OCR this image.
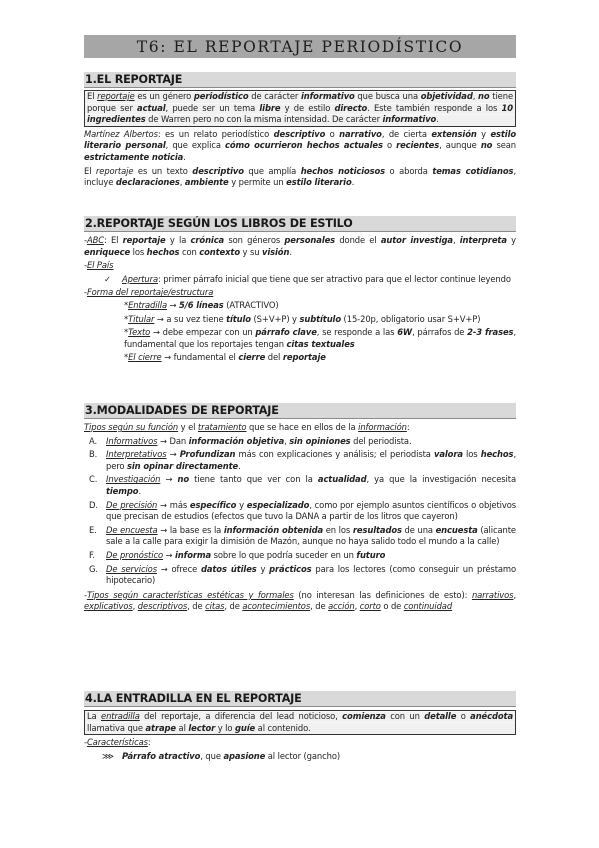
T6: EL REPORTAJE PERIODÍSTICO
1.EL REPORTAJE
El reportaje es un género periodístico de carácter informativo que busca una objetividad, no tiene porque ser actual, puede ser un tema libre y de estilo directo. Este también responde a los 10 ingredientes de Warren pero no con la misma intensidad. De carácter informativo.
Martínez Albertos: es un relato periodístico descriptivo o narrativo, de cierta extensión y estilo literario personal, que explica cómo ocurrieron hechos actuales o recientes, aunque no sean estrictamente noticia.
El reportaje es un texto descriptivo que amplía hechos noticiosos o aborda temas cotidianos, incluye declaraciones, ambiente y permite un estilo literario.
2.REPORTAJE SEGÚN LOS LIBROS DE ESTILO
-ABC: El reportaje y la crónica son géneros personales donde el autor investiga, interpreta y enriquece los hechos con contexto y su visión.
-El País
✓ Apertura: primer párrafo inicial que tiene que ser atractivo para que el lector continue leyendo
-Forma del reportaje/estructura
*Entradilla → 5/6 líneas (ATRACTIVO)
*Titular → a su vez tiene título (S+V+P) y subtítulo (15-20p, obligatorio usar S+V+P)
*Texto → debe empezar con un párrafo clave, se responde a las 6W, párrafos de 2-3 frases, fundamental que los reportajes tengan citas textuales
*El cierre → fundamental el cierre del reportaje
3.MODALIDADES DE REPORTAJE
Tipos según su función y el tratamiento que se hace en ellos de la información:
A. Informativos → Dan información objetiva, sin opiniones del periodista.
B. Interpretativos → Profundizan más con explicaciones y análisis; el periodista valora los hechos, pero sin opinar directamente.
C. Investigación → no tiene tanto que ver con la actualidad, ya que la investigación necesita tiempo.
D. De precisión → más específico y especializado, como por ejemplo asuntos científicos o objetivos que precisan de estudios (efectos que tuvo la DANA a partir de los litros que cayeron)
E. De encuesta → la base es la información obtenida en los resultados de una encuesta (alicante sale a la calle para exigir la dimisión de Mazón, aunque no haya salido todo el mundo a la calle)
F. De pronóstico → informa sobre lo que podría suceder en un futuro
G. De servicios → ofrece datos útiles y prácticos para los lectores (como conseguir un préstamo hipotecario)
-Tipos según características estéticas y formales (no interesan las definiciones de esto): narrativos, explicativos, descriptivos, de citas, de acontecimientos, de acción, corto o de continuidad
4.LA ENTRADILLA EN EL REPORTAJE
La entradilla del reportaje, a diferencia del lead noticioso, comienza con un detalle o anécdota llamativa que atrape al lector y lo guíe al contenido.
-Características:
⋙ Párrafo atractivo, que apasione al lector (gancho)
